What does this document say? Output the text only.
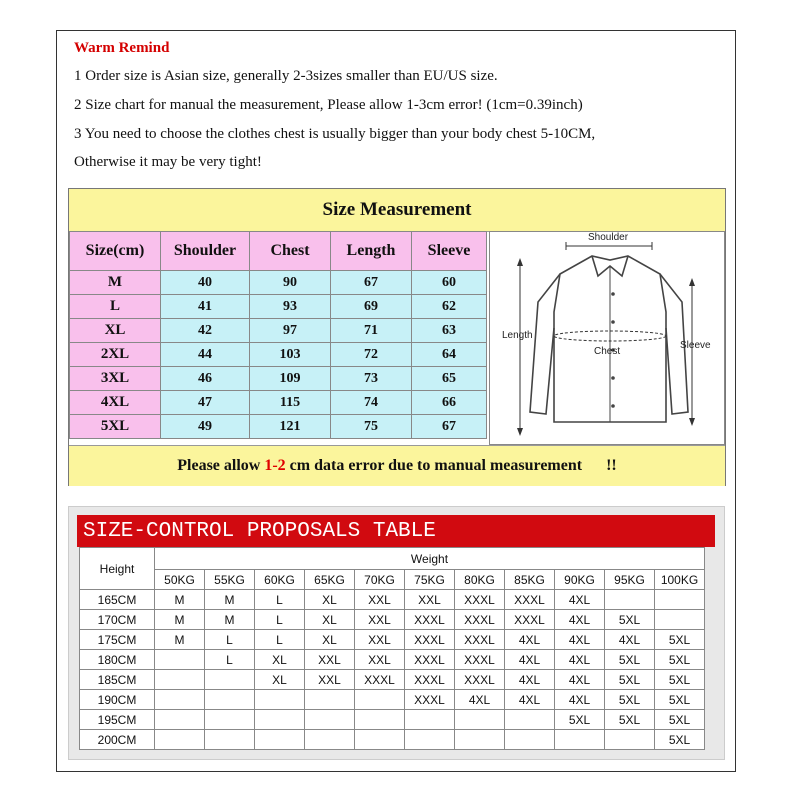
Warm Remind
1 Order size is Asian size, generally 2-3sizes smaller than EU/US size.
2 Size chart for manual the measurement, Please allow 1-3cm error! (1cm=0.39inch)
3 You need to choose the clothes chest is usually bigger than your body chest 5-10CM,
Otherwise it may be very tight!
Size Measurement
Size(cm)	Shoulder	Chest	Length	Sleeve
M	40	90	67	60
L	41	93	69	62
XL	42	97	71	63
2XL	44	103	72	64
3XL	46	109	73	65
4XL	47	115	74	66
5XL	49	121	75	67
Shoulder
Length
Chest
Sleeve
Please allow 1-2 cm data error due to manual measurement      !!
SIZE-CONTROL PROPOSALS TABLE
Height	Weight										
	50KG	55KG	60KG	65KG	70KG	75KG	80KG	85KG	90KG	95KG	100KG
165CM	M	M	L	XL	XXL	XXL	XXXL	XXXL	4XL		
170CM	M	M	L	XL	XXL	XXXL	XXXL	XXXL	4XL	5XL	
175CM	M	L	L	XL	XXL	XXXL	XXXL	4XL	4XL	4XL	5XL
180CM		L	XL	XXL	XXL	XXXL	XXXL	4XL	4XL	5XL	5XL
185CM			XL	XXL	XXXL	XXXL	XXXL	4XL	4XL	5XL	5XL
190CM						XXXL	4XL	4XL	4XL	5XL	5XL
195CM									5XL	5XL	5XL
200CM											5XL
